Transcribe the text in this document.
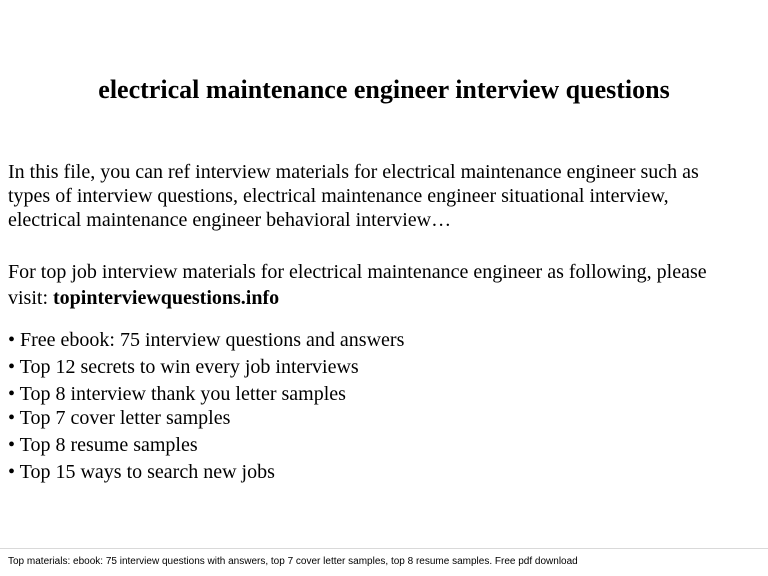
electrical maintenance engineer interview questions
In this file, you can ref interview materials for electrical maintenance engineer such as
types of interview questions, electrical maintenance engineer situational interview,
electrical maintenance engineer behavioral interview…
For top job interview materials for electrical maintenance engineer as following, please
visit: topinterviewquestions.info
• Free ebook: 75 interview questions and answers
• Top 12 secrets to win every job interviews
• Top 8 interview thank you letter samples
• Top 7 cover letter samples
• Top 8 resume samples
• Top 15 ways to search new jobs

Top materials: ebook: 75 interview questions with answers, top 7 cover letter samples, top 8 resume samples. Free pdf download
